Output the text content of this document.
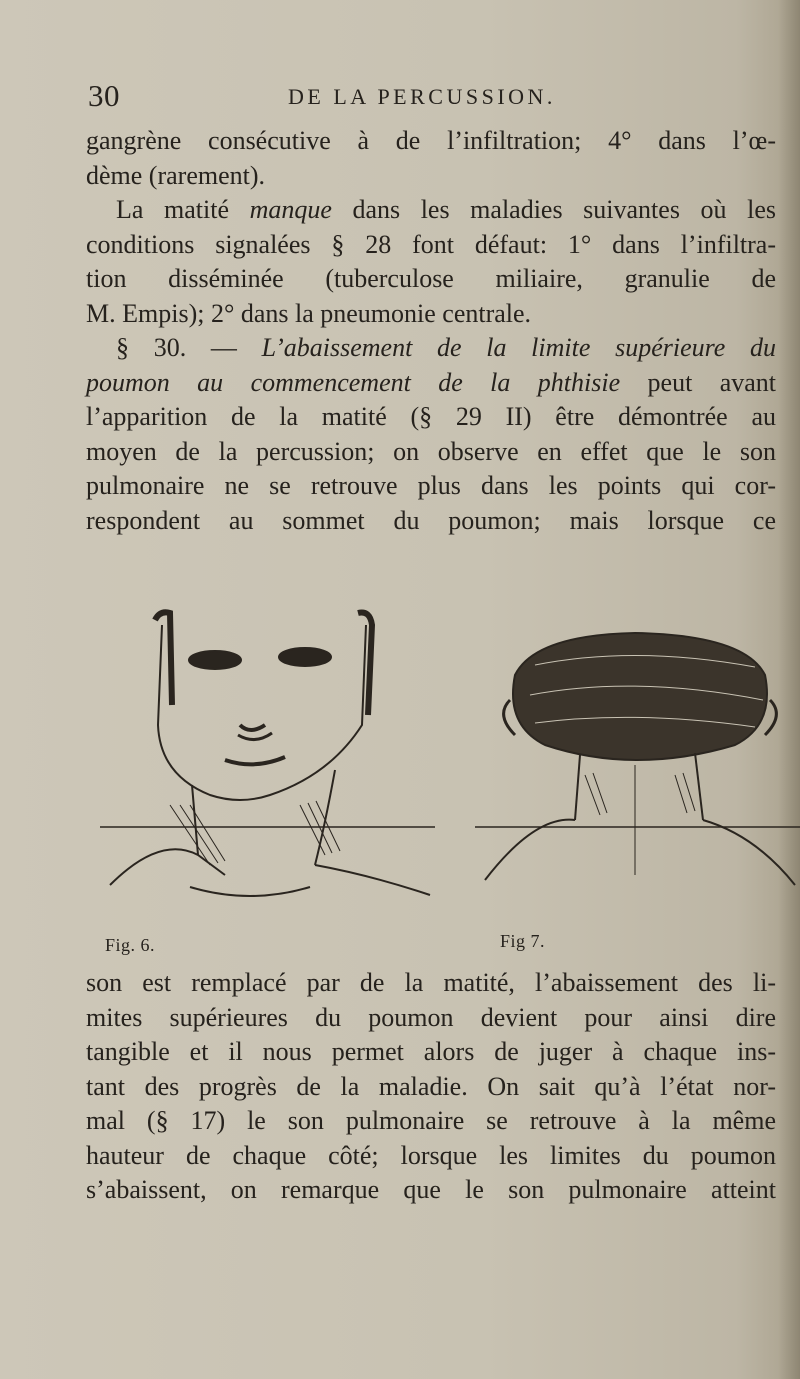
30	DE LA PERCUSSION.
gangrène consécutive à de l’infiltration; 4° dans l’œ-
dème (rarement).
La matité manque dans les maladies suivantes où les
conditions signalées § 28 font défaut: 1° dans l’infiltra-
tion disséminée (tuberculose miliaire, granulie de
M. Empis); 2° dans la pneumonie centrale.
§ 30. — L’abaissement de la limite supérieure du
poumon au commencement de la phthisie peut avant
l’apparition de la matité (§ 29 II) être démontrée au
moyen de la percussion; on observe en effet que le son
pulmonaire ne se retrouve plus dans les points qui cor-
respondent au sommet du poumon; mais lorsque ce
Fig. 6.	Fig 7.
son est remplacé par de la matité, l’abaissement des li-
mites supérieures du poumon devient pour ainsi dire
tangible et il nous permet alors de juger à chaque ins-
tant des progrès de la maladie. On sait qu’à l’état nor-
mal (§ 17) le son pulmonaire se retrouve à la même
hauteur de chaque côté; lorsque les limites du poumon
s’abaissent, on remarque que le son pulmonaire atteint
